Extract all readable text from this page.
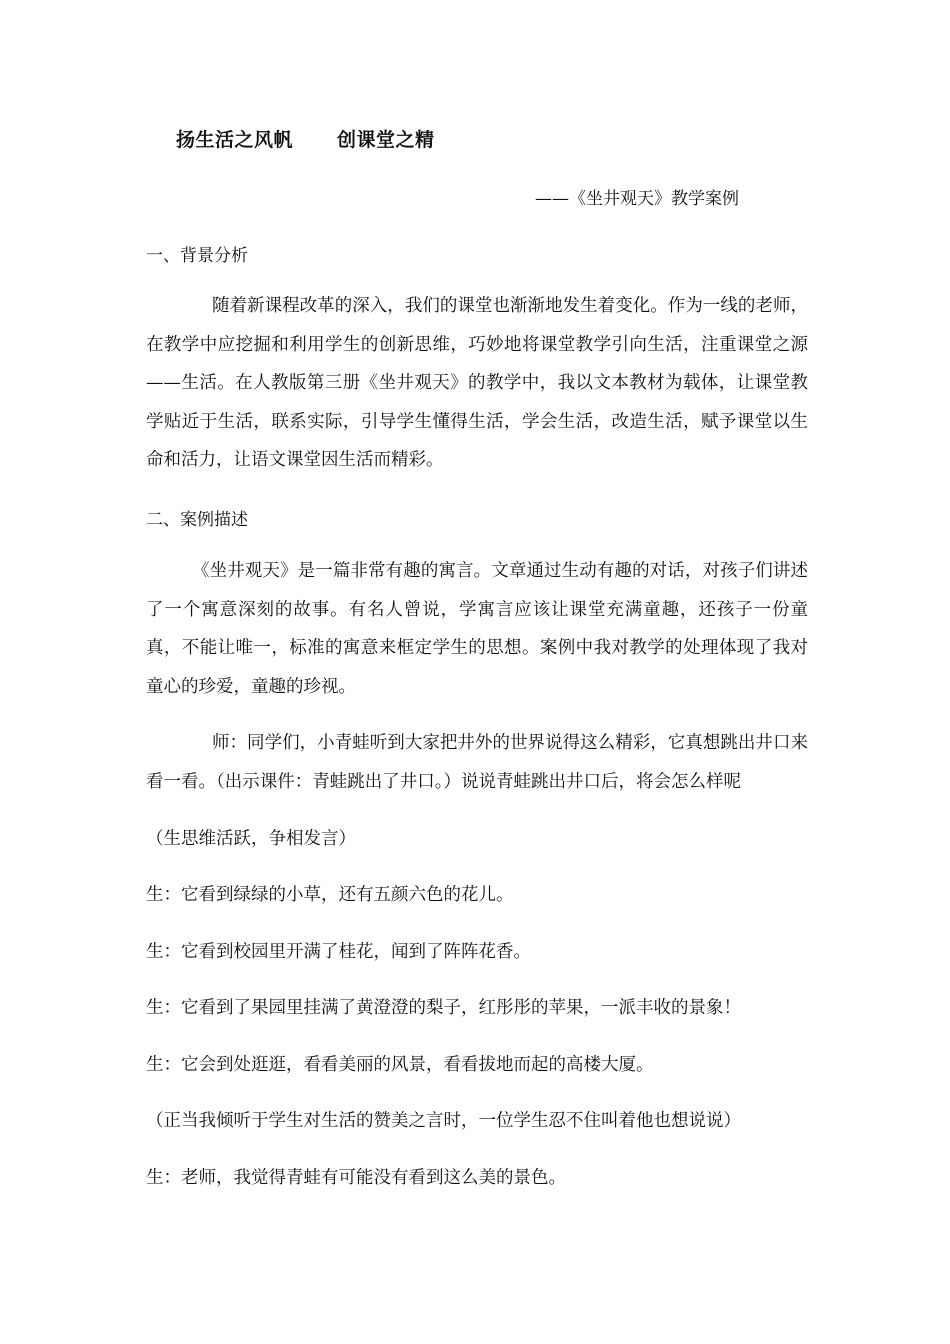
扬生活之风帆 创课堂之精
——《坐井观天》教学案例
一、背景分析
随着新课程改革的深入，我们的课堂也渐渐地发生着变化。作为一线的老师，在教学中应挖掘和利用学生的创新思维，巧妙地将课堂教学引向生活，注重课堂之源——生活。在人教版第三册《坐井观天》的教学中，我以文本教材为载体，让课堂教学贴近于生活，联系实际，引导学生懂得生活，学会生活，改造生活，赋予课堂以生命和活力，让语文课堂因生活而精彩。
二、案例描述
《坐井观天》是一篇非常有趣的寓言。文章通过生动有趣的对话，对孩子们讲述了一个寓意深刻的故事。有名人曾说，学寓言应该让课堂充满童趣，还孩子一份童真，不能让唯一，标准的寓意来框定学生的思想。案例中我对教学的处理体现了我对童心的珍爱，童趣的珍视。
师：同学们，小青蛙听到大家把井外的世界说得这么精彩，它真想跳出井口来看一看。（出示课件：青蛙跳出了井口。）说说青蛙跳出井口后，将会怎么样呢
（生思维活跃，争相发言）
生：它看到绿绿的小草，还有五颜六色的花儿。
生：它看到校园里开满了桂花，闻到了阵阵花香。
生：它看到了果园里挂满了黄澄澄的梨子，红彤彤的苹果，一派丰收的景象！
生：它会到处逛逛，看看美丽的风景，看看拔地而起的高楼大厦。
（正当我倾听于学生对生活的赞美之言时，一位学生忍不住叫着他也想说说）
生：老师，我觉得青蛙有可能没有看到这么美的景色。
